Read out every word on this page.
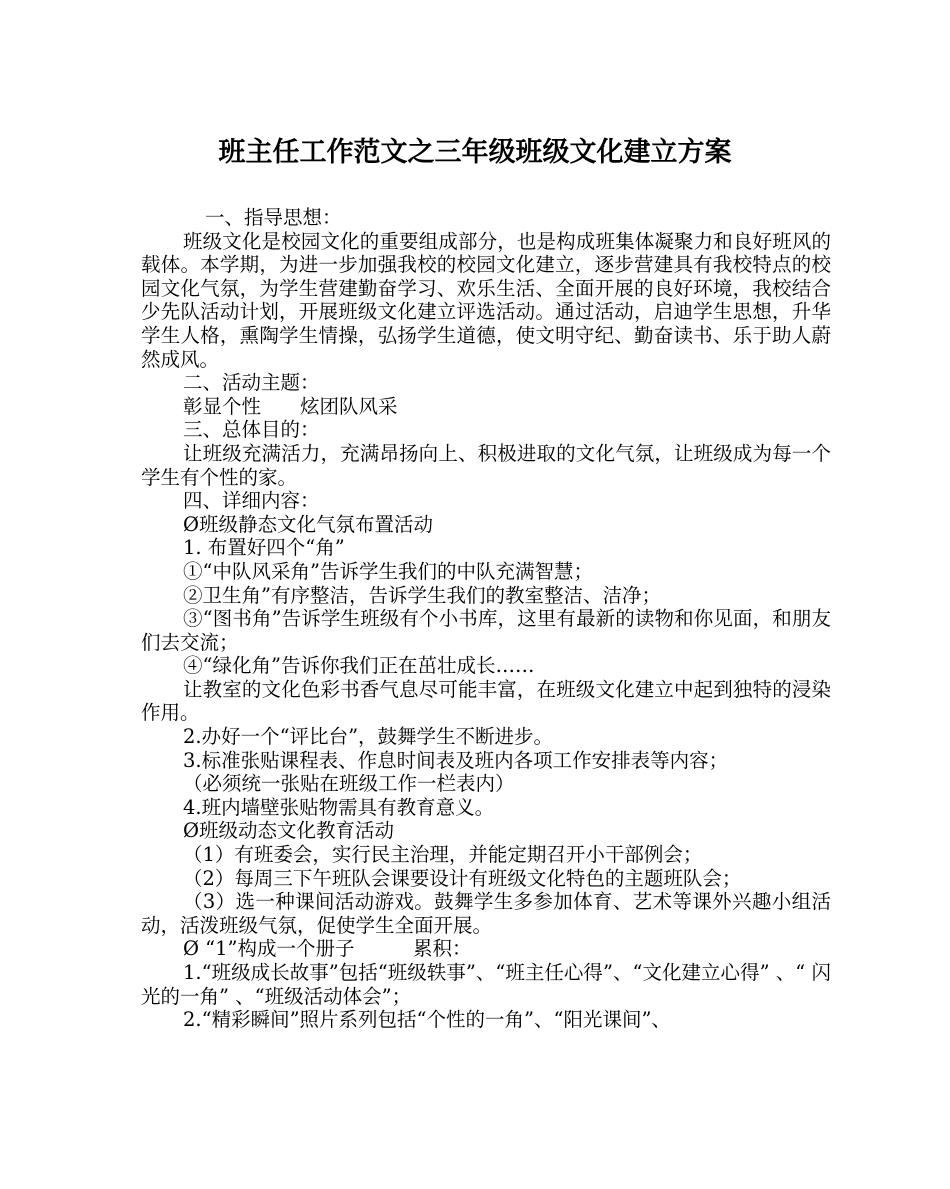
班主任工作范文之三年级班级文化建立方案

一、指导思想：

班级文化是校园文化的重要组成部分，也是构成班集体凝聚力和良好班风的载体。本学期，为进一步加强我校的校园文化建立，逐步营建具有我校特点的校园文化气氛，为学生营建勤奋学习、欢乐生活、全面开展的良好环境，我校结合少先队活动计划，开展班级文化建立评选活动。通过活动，启迪学生思想，升华学生人格，熏陶学生情操，弘扬学生道德，使文明守纪、勤奋读书、乐于助人蔚然成风。

二、活动主题：

彰显个性　　炫团队风采

三、总体目的：

让班级充满活力，充满昂扬向上、积极进取的文化气氛，让班级成为每一个学生有个性的家。

四、详细内容：

Ø班级静态文化气氛布置活动

1. 布置好四个“角”

①“中队风采角”告诉学生我们的中队充满智慧；

②卫生角”有序整洁，告诉学生我们的教室整洁、洁净；

③“图书角”告诉学生班级有个小书库，这里有最新的读物和你见面，和朋友们去交流；

④“绿化角”告诉你我们正在茁壮成长……

让教室的文化色彩书香气息尽可能丰富，在班级文化建立中起到独特的浸染作用。

2.办好一个“评比台”，鼓舞学生不断进步。

3.标准张贴课程表、作息时间表及班内各项工作安排表等内容；

（必须统一张贴在班级工作一栏表内）

4.班内墙壁张贴物需具有教育意义。

Ø班级动态文化教育活动

（1）有班委会，实行民主治理，并能定期召开小干部例会；

（2）每周三下午班队会课要设计有班级文化特色的主题班队会；

（3）选一种课间活动游戏。鼓舞学生多参加体育、艺术等课外兴趣小组活动，活泼班级气氛，促使学生全面开展。

Ø “1”构成一个册子　　　累积：

1.“班级成长故事”包括“班级轶事”、“班主任心得”、“文化建立心得” 、“ 闪光的一角” 、“班级活动体会”；

2.“精彩瞬间”照片系列包括“个性的一角”、“阳光课间”、
